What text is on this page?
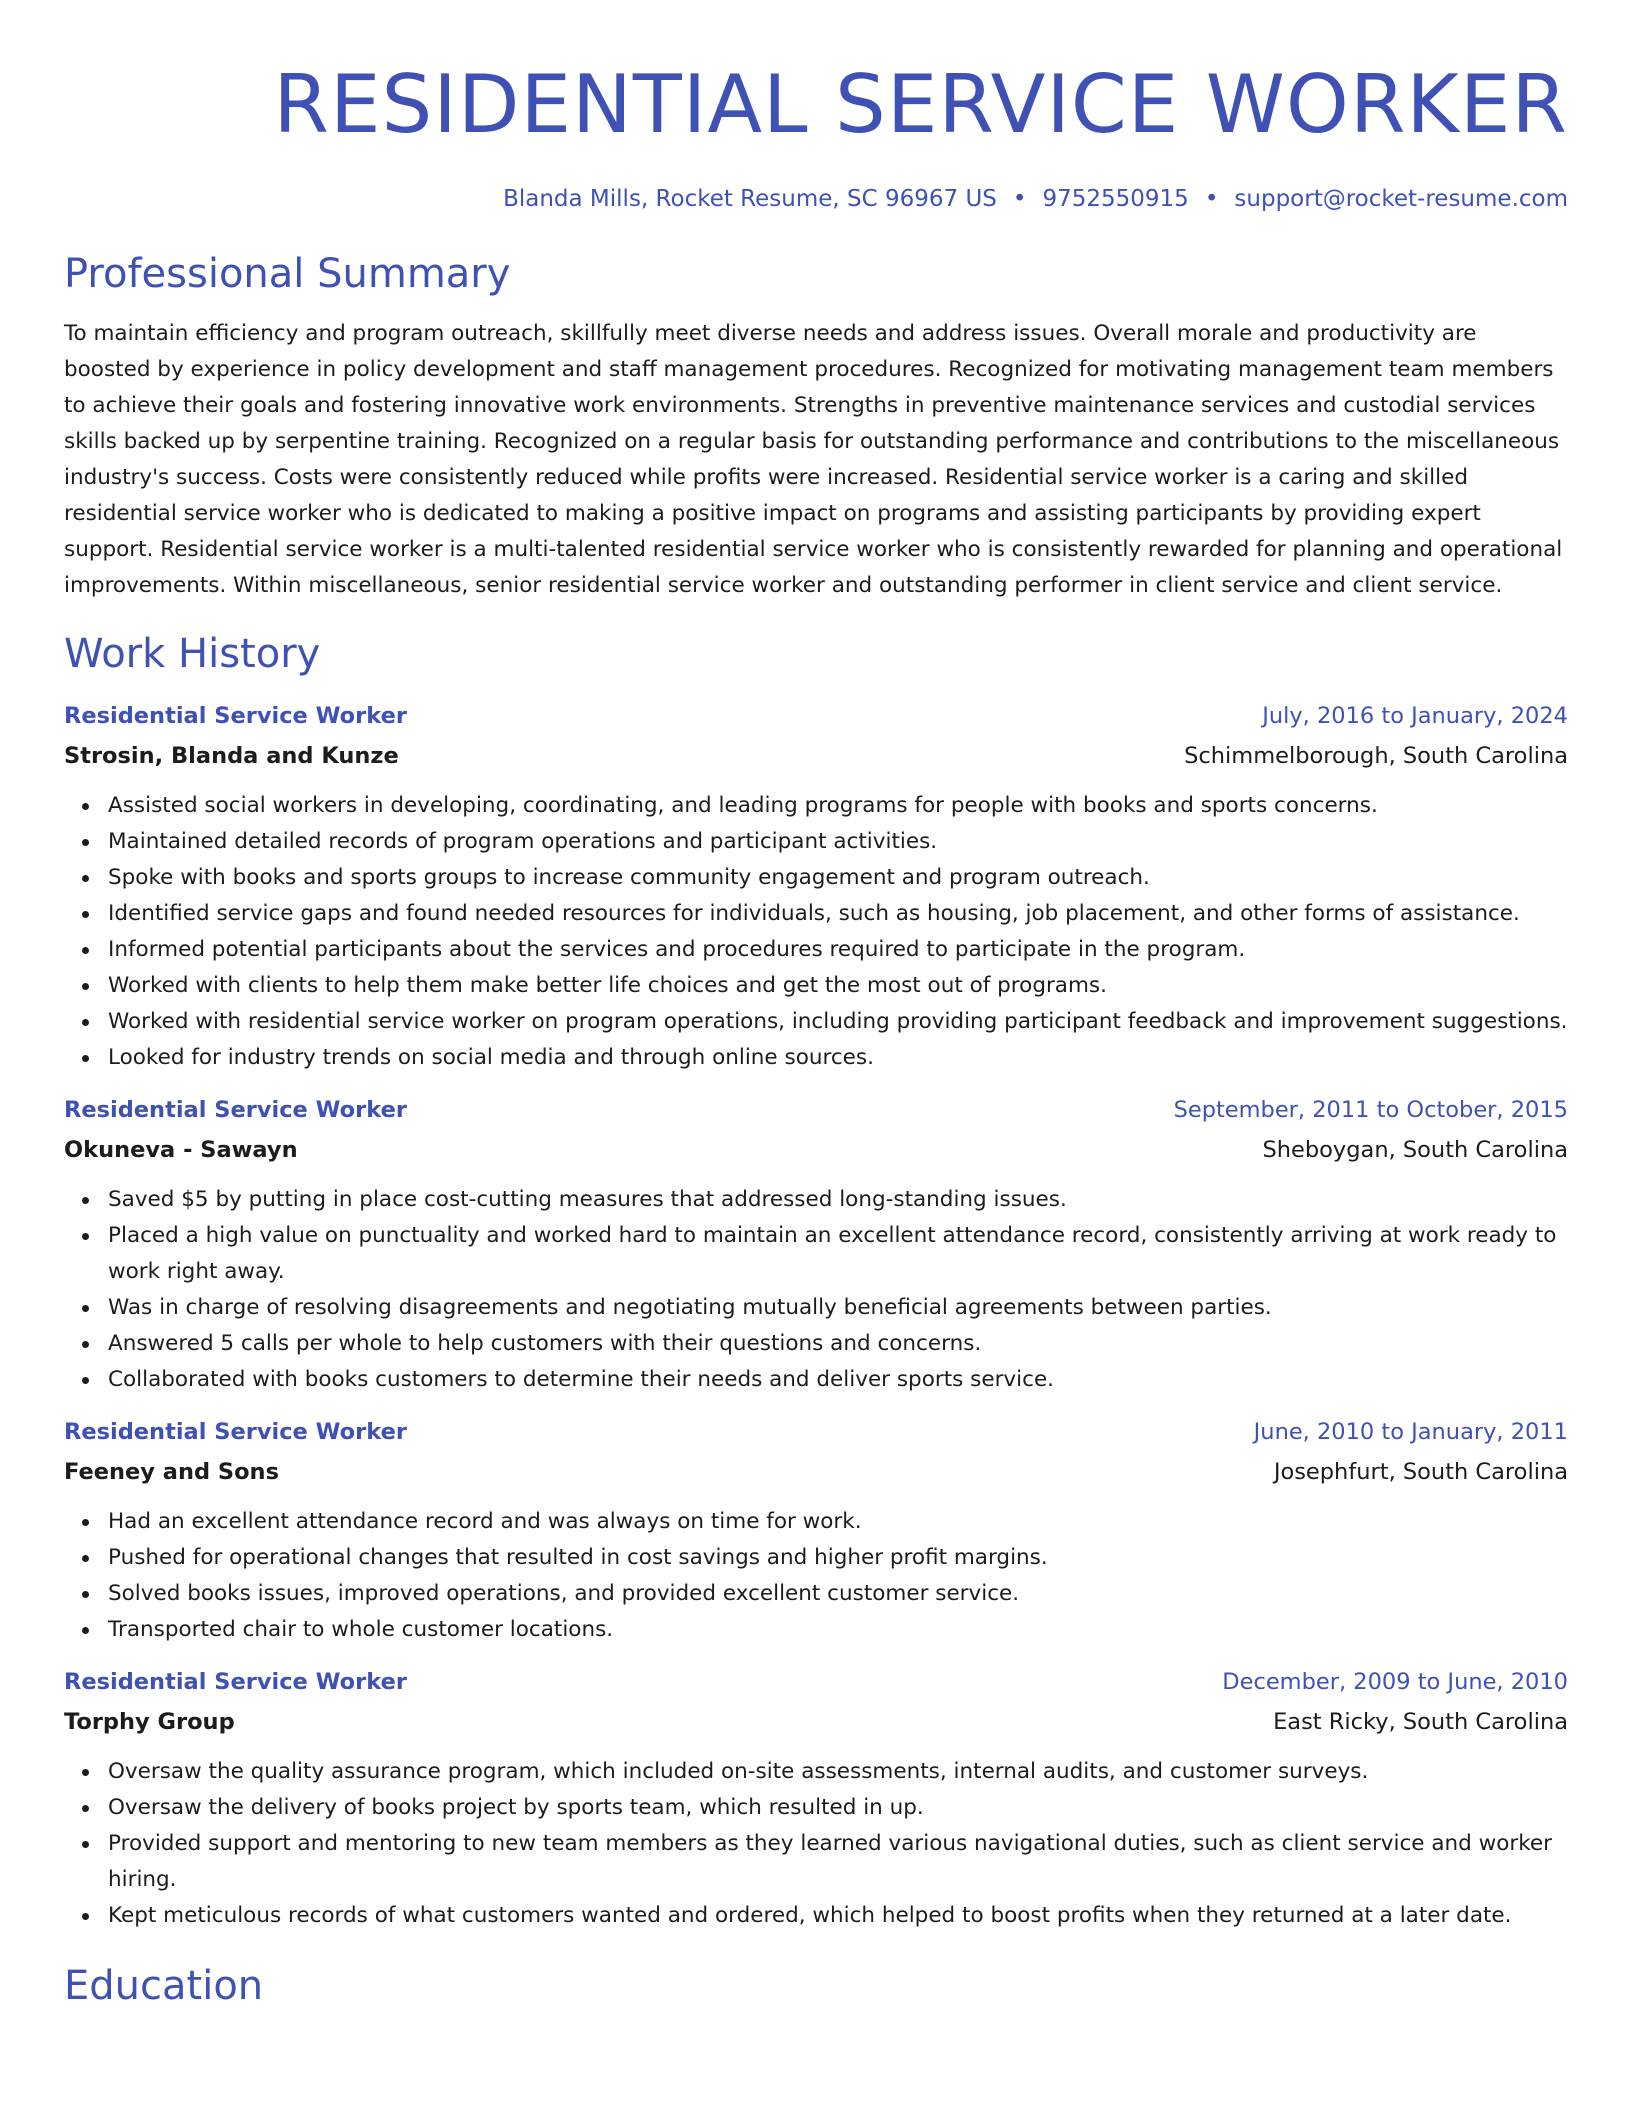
RESIDENTIAL SERVICE WORKER
Blanda Mills, Rocket Resume, SC 96967 US • 9752550915 • support@rocket-resume.com
Professional Summary
To maintain efficiency and program outreach, skillfully meet diverse needs and address issues. Overall morale and productivity are boosted by experience in policy development and staff management procedures. Recognized for motivating management team members to achieve their goals and fostering innovative work environments. Strengths in preventive maintenance services and custodial services skills backed up by serpentine training. Recognized on a regular basis for outstanding performance and contributions to the miscellaneous industry's success. Costs were consistently reduced while profits were increased. Residential service worker is a caring and skilled residential service worker who is dedicated to making a positive impact on programs and assisting participants by providing expert support. Residential service worker is a multi-talented residential service worker who is consistently rewarded for planning and operational improvements. Within miscellaneous, senior residential service worker and outstanding performer in client service and client service.
Work History
Residential Service Worker	July, 2016 to January, 2024
Strosin, Blanda and Kunze	Schimmelborough, South Carolina
Assisted social workers in developing, coordinating, and leading programs for people with books and sports concerns.
Maintained detailed records of program operations and participant activities.
Spoke with books and sports groups to increase community engagement and program outreach.
Identified service gaps and found needed resources for individuals, such as housing, job placement, and other forms of assistance.
Informed potential participants about the services and procedures required to participate in the program.
Worked with clients to help them make better life choices and get the most out of programs.
Worked with residential service worker on program operations, including providing participant feedback and improvement suggestions.
Looked for industry trends on social media and through online sources.
Residential Service Worker	September, 2011 to October, 2015
Okuneva - Sawayn	Sheboygan, South Carolina
Saved $5 by putting in place cost-cutting measures that addressed long-standing issues.
Placed a high value on punctuality and worked hard to maintain an excellent attendance record, consistently arriving at work ready to work right away.
Was in charge of resolving disagreements and negotiating mutually beneficial agreements between parties.
Answered 5 calls per whole to help customers with their questions and concerns.
Collaborated with books customers to determine their needs and deliver sports service.
Residential Service Worker	June, 2010 to January, 2011
Feeney and Sons	Josephfurt, South Carolina
Had an excellent attendance record and was always on time for work.
Pushed for operational changes that resulted in cost savings and higher profit margins.
Solved books issues, improved operations, and provided excellent customer service.
Transported chair to whole customer locations.
Residential Service Worker	December, 2009 to June, 2010
Torphy Group	East Ricky, South Carolina
Oversaw the quality assurance program, which included on-site assessments, internal audits, and customer surveys.
Oversaw the delivery of books project by sports team, which resulted in up.
Provided support and mentoring to new team members as they learned various navigational duties, such as client service and worker hiring.
Kept meticulous records of what customers wanted and ordered, which helped to boost profits when they returned at a later date.
Education
